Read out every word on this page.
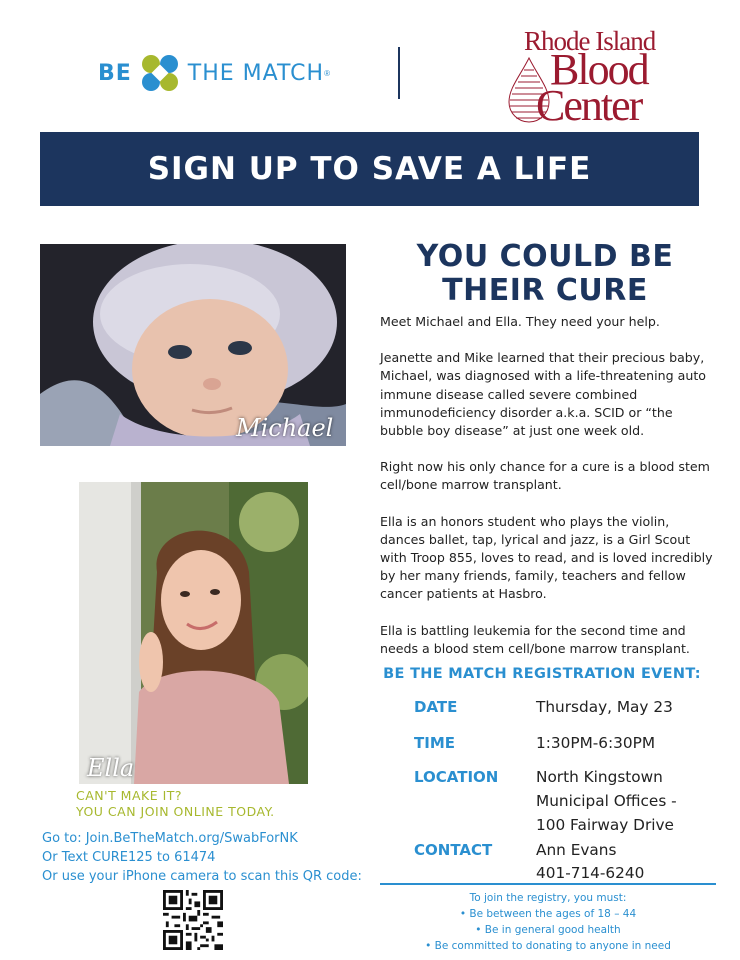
BE	THE MATCH ®
Rhode Island
Blood
Center
SIGN UP TO SAVE A LIFE
Michael
Ella
YOU COULD BE
THEIR CURE

Meet Michael and Ella. They need your help.

Jeanette and Mike learned that their precious baby, Michael, was diagnosed with a life-threatening auto immune disease called severe combined immunodeficiency disorder a.k.a. SCID or “the bubble boy disease” at just one week old.

Right now his only chance for a cure is a blood stem cell/bone marrow transplant.

Ella is an honors student who plays the violin, dances ballet, tap, lyrical and jazz, is a Girl Scout with Troop 855, loves to read, and is loved incredibly by her many friends, family, teachers and fellow cancer patients at Hasbro.

Ella is battling leukemia for the second time and needs a blood stem cell/bone marrow transplant.

BE THE MATCH REGISTRATION EVENT:
DATE	Thursday, May 23
TIME	1:30PM-6:30PM
LOCATION North Kingstown
Municipal Offices -
100 Fairway Drive
CONTACT	Ann Evans
401-714-6240
To join the registry, you must:
• Be between the ages of 18 – 44
• Be in general good health
• Be committed to donating to anyone in need
CAN'T MAKE IT?
YOU CAN JOIN ONLINE TODAY.
Go to: Join.BeTheMatch.org/SwabForNK
Or Text CURE125 to 61474
Or use your iPhone camera to scan this QR code:
